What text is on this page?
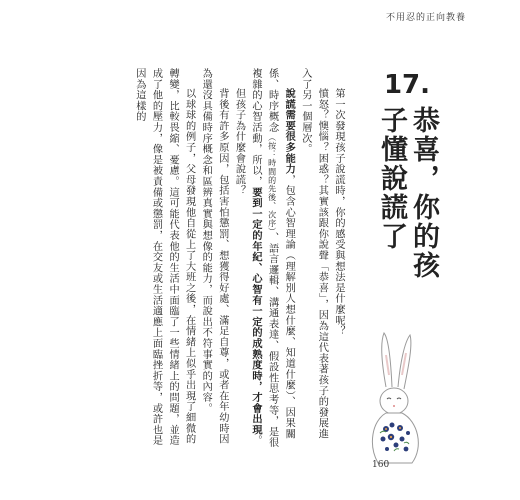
不用忍的正向教養
17.
恭喜，你的孩子懂說謊了

第一次發現孩子說謊時，你的感受與想法是什麼呢？

憤怒？懊惱？困惑？其實該跟你說聲「恭喜」，因為這代表著孩子的發展進入了另一個層次。

說謊需要很多能力，包含心智理論（理解別人想什麼、知道什麼）、因果關係、時序概念（按：時間的先後、次序）、語言邏輯、溝通表達、假設性思考等，是很複雜的心智活動，所以，要到一定的年紀、心智有一定的成熟度時，才會出現。

但孩子為什麼會說謊？

背後有許多原因，包括害怕懲罰、想獲得好處、滿足自尊，或者在年幼時因為還沒具備時序概念和區辨真實與想像的能力，而說出不符事實的內容。

以球球的例子，父母發現他自從上了大班之後，在情緒上似乎出現了細微的轉變，比較畏縮、憂慮。這可能代表他的生活中面臨了一些情緒上的問題，並造成了他的壓力，像是被責備或懲罰，在交友或生活適應上面臨挫折等，或許也是因為這樣的

160
